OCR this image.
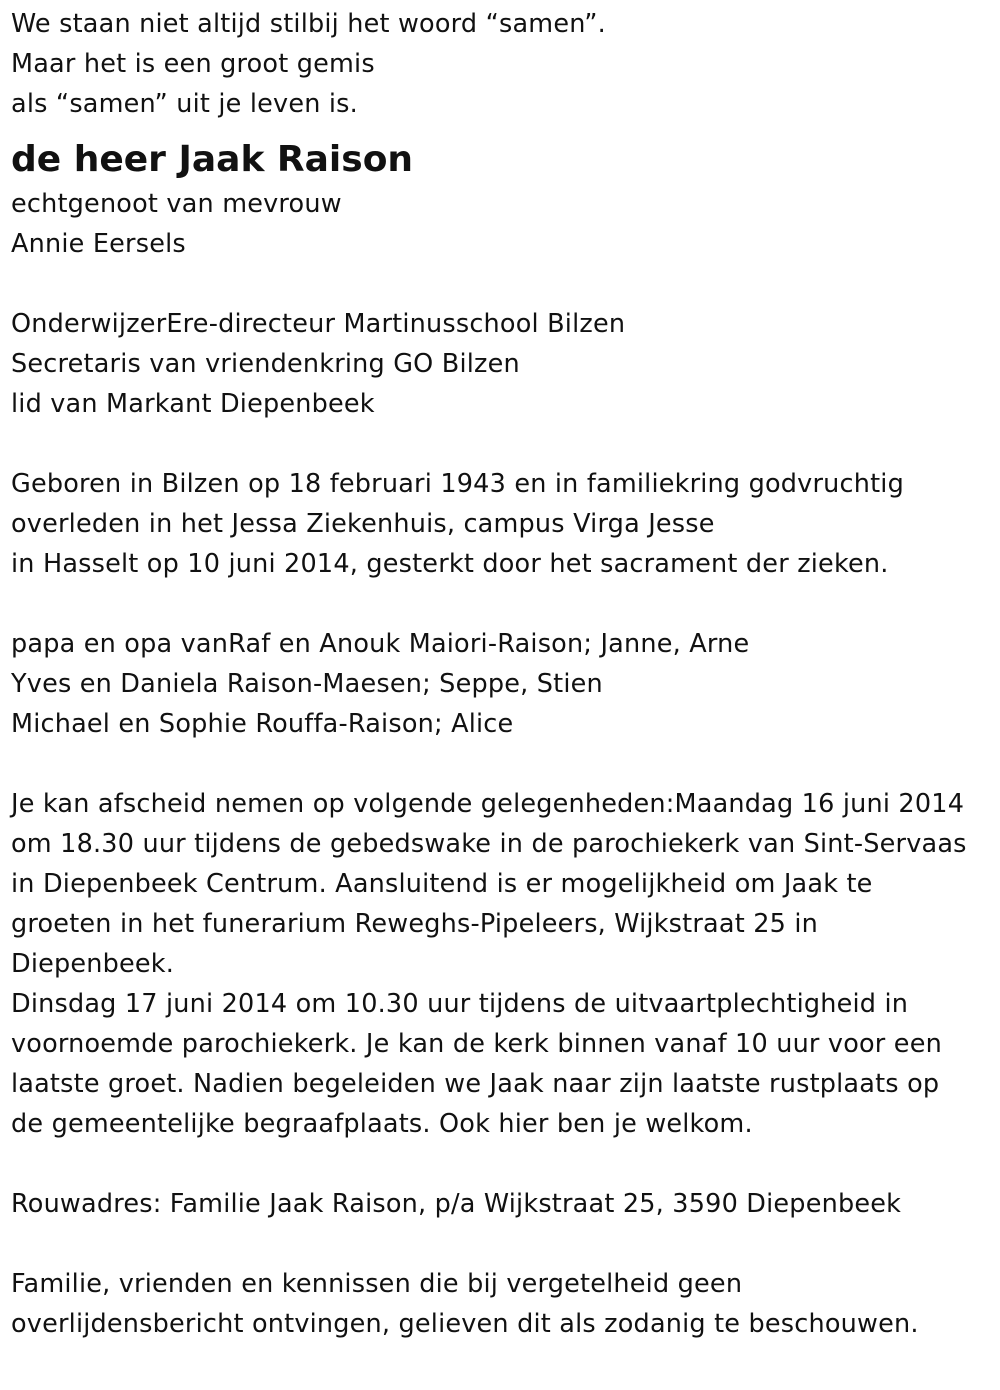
We staan niet altijd stilbij het woord “samen”.
Maar het is een groot gemis
als “samen” uit je leven is.
de heer Jaak Raison
echtgenoot van mevrouw
Annie Eersels
OnderwijzerEre-directeur Martinusschool Bilzen
Secretaris van vriendenkring GO Bilzen
lid van Markant Diepenbeek
Geboren in Bilzen op 18 februari 1943 en in familiekring godvruchtig
overleden in het Jessa Ziekenhuis, campus Virga Jesse
in Hasselt op 10 juni 2014, gesterkt door het sacrament der zieken.
papa en opa vanRaf en Anouk Maiori-Raison; Janne, Arne
Yves en Daniela Raison-Maesen; Seppe, Stien
Michael en Sophie Rouffa-Raison; Alice
Je kan afscheid nemen op volgende gelegenheden:Maandag 16 juni 2014
om 18.30 uur tijdens de gebedswake in de parochiekerk van Sint-Servaas
in Diepenbeek Centrum. Aansluitend is er mogelijkheid om Jaak te
groeten in het funerarium Reweghs-Pipeleers, Wijkstraat 25 in
Diepenbeek.
Dinsdag 17 juni 2014 om 10.30 uur tijdens de uitvaartplechtigheid in
voornoemde parochiekerk. Je kan de kerk binnen vanaf 10 uur voor een
laatste groet. Nadien begeleiden we Jaak naar zijn laatste rustplaats op
de gemeentelijke begraafplaats. Ook hier ben je welkom.
Rouwadres: Familie Jaak Raison, p/a Wijkstraat 25, 3590 Diepenbeek
Familie, vrienden en kennissen die bij vergetelheid geen
overlijdensbericht ontvingen, gelieven dit als zodanig te beschouwen.
